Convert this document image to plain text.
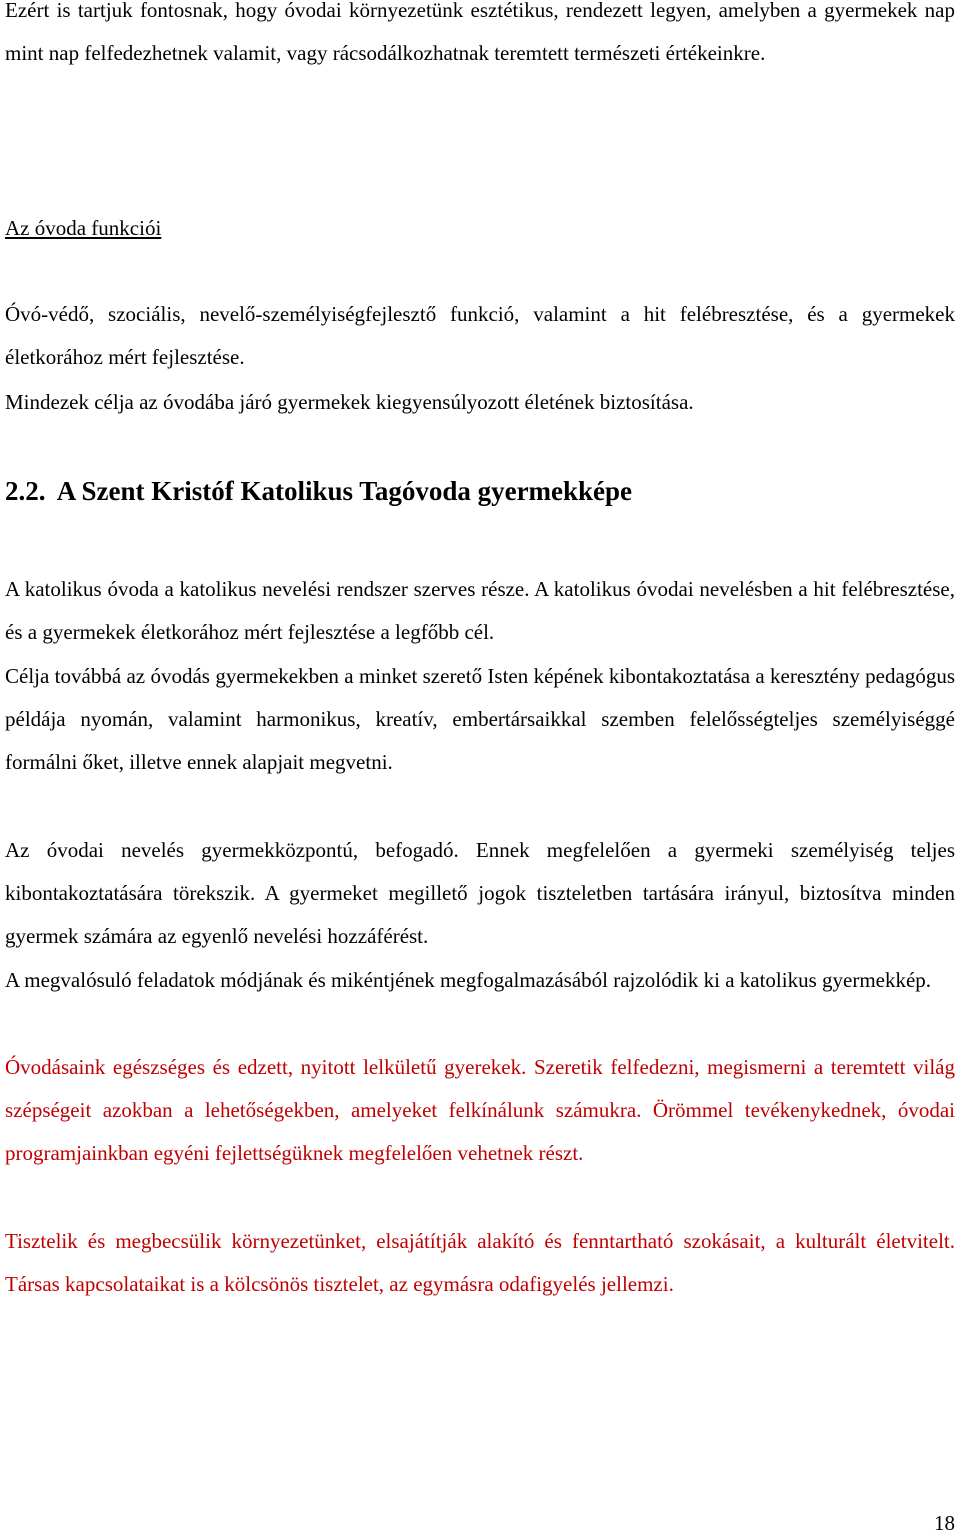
Ezért is tartjuk fontosnak, hogy óvodai környezetünk esztétikus, rendezett legyen, amelyben a gyermekek nap mint nap felfedezhetnek valamit, vagy rácsodálkozhatnak teremtett természeti értékeinkre.

Az óvoda funkciói

Óvó-védő, szociális, nevelő-személyiségfejlesztő funkció, valamint a hit felébresztése, és a gyermekek életkorához mért fejlesztése.

Mindezek célja az óvodába járó gyermekek kiegyensúlyozott életének biztosítása.

2.2. A Szent Kristóf Katolikus Tagóvoda gyermekképe

A katolikus óvoda a katolikus nevelési rendszer szerves része. A katolikus óvodai nevelésben a hit felébresztése, és a gyermekek életkorához mért fejlesztése a legfőbb cél.

Célja továbbá az óvodás gyermekekben a minket szerető Isten képének kibontakoztatása a keresztény pedagógus példája nyomán, valamint harmonikus, kreatív, embertársaikkal szemben felelősségteljes személyiséggé formálni őket, illetve ennek alapjait megvetni.

Az óvodai nevelés gyermekközpontú, befogadó. Ennek megfelelően a gyermeki személyiség teljes kibontakoztatására törekszik. A gyermeket megillető jogok tiszteletben tartására irányul, biztosítva minden gyermek számára az egyenlő nevelési hozzáférést.

A megvalósuló feladatok módjának és mikéntjének megfogalmazásából rajzolódik ki a katolikus gyermekkép.

Óvodásaink egészséges és edzett, nyitott lelkületű gyerekek. Szeretik felfedezni, megismerni a teremtett világ szépségeit azokban a lehetőségekben, amelyeket felkínálunk számukra. Örömmel tevékenykednek, óvodai programjainkban egyéni fejlettségüknek megfelelően vehetnek részt.

Tisztelik és megbecsülik környezetünket, elsajátítják alakító és fenntartható szokásait, a kulturált életvitelt. Társas kapcsolataikat is a kölcsönös tisztelet, az egymásra odafigyelés jellemzi.

18
